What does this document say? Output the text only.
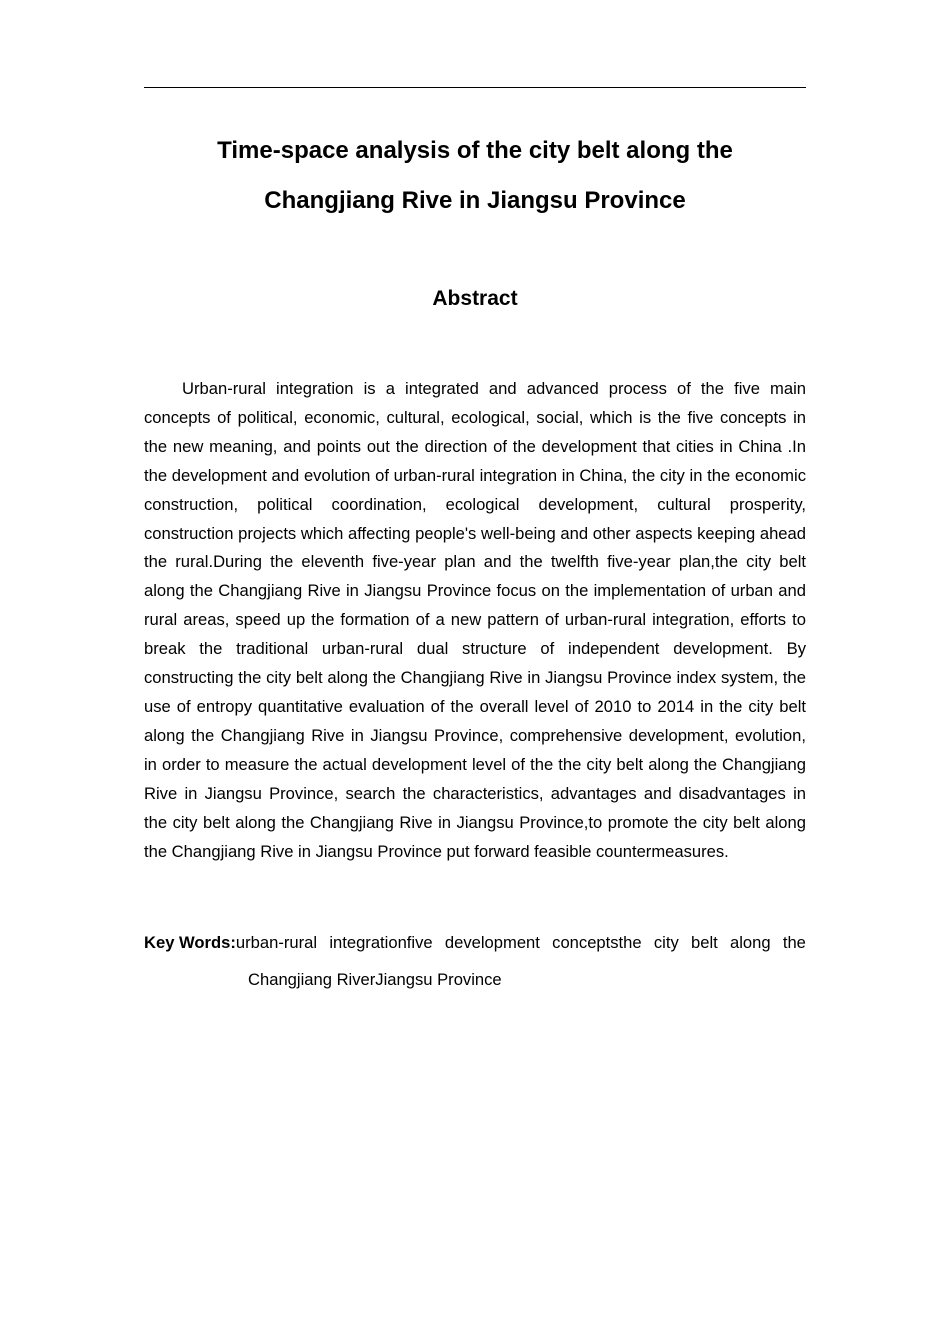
Time-space analysis of the city belt along the
Changjiang Rive in Jiangsu Province
Abstract

Urban-rural integration is a integrated and advanced process of the five main concepts of political, economic, cultural, ecological, social, which is the five concepts in the new meaning, and points out the direction of the development that cities in China .In the development and evolution of urban-rural integration in China, the city in the economic construction, political coordination, ecological development, cultural prosperity, construction projects which affecting people's well-being and other aspects keeping ahead the rural.During the eleventh five-year plan and the twelfth five-year plan,the city belt along the Changjiang Rive in Jiangsu Province focus on the implementation of urban and rural areas, speed up the formation of a new pattern of urban-rural integration, efforts to break the traditional urban-rural dual structure of independent development. By constructing the city belt along the Changjiang Rive in Jiangsu Province index system, the use of entropy quantitative evaluation of the overall level of 2010 to 2014 in the city belt along the Changjiang Rive in Jiangsu Province, comprehensive development, evolution, in order to measure the actual development level of the the city belt along the Changjiang Rive in Jiangsu Province, search the characteristics, advantages and disadvantages in the city belt along the Changjiang Rive in Jiangsu Province,to promote the city belt along the Changjiang Rive in Jiangsu Province put forward feasible countermeasures.

Key Words:urban-rural integrationfive development conceptsthe city belt along the
Changjiang RiverJiangsu Province
